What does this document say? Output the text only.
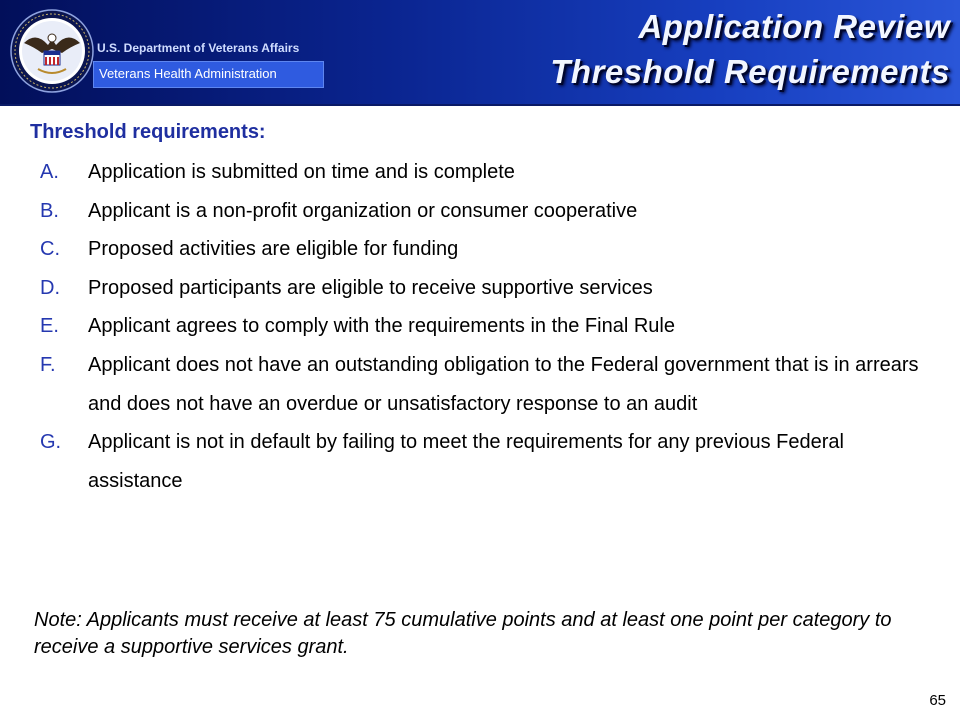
U.S. Department of Veterans Affairs
Veterans Health Administration
Application Review
Threshold Requirements
Threshold requirements:
A.	Application is submitted on time and is complete
B.	Applicant is a non-profit organization or consumer cooperative
C.	Proposed activities are eligible for funding
D.	Proposed participants are eligible to receive supportive services
E.	Applicant agrees to comply with the requirements in the Final Rule
F.	Applicant does not have an outstanding obligation to the Federal government that is in arrears and does not have an overdue or unsatisfactory response to an audit
G.	Applicant is not in default by failing to meet the requirements for any previous Federal assistance
Note: Applicants must receive at least 75 cumulative points and at least one point per category to receive a supportive services grant.
65
